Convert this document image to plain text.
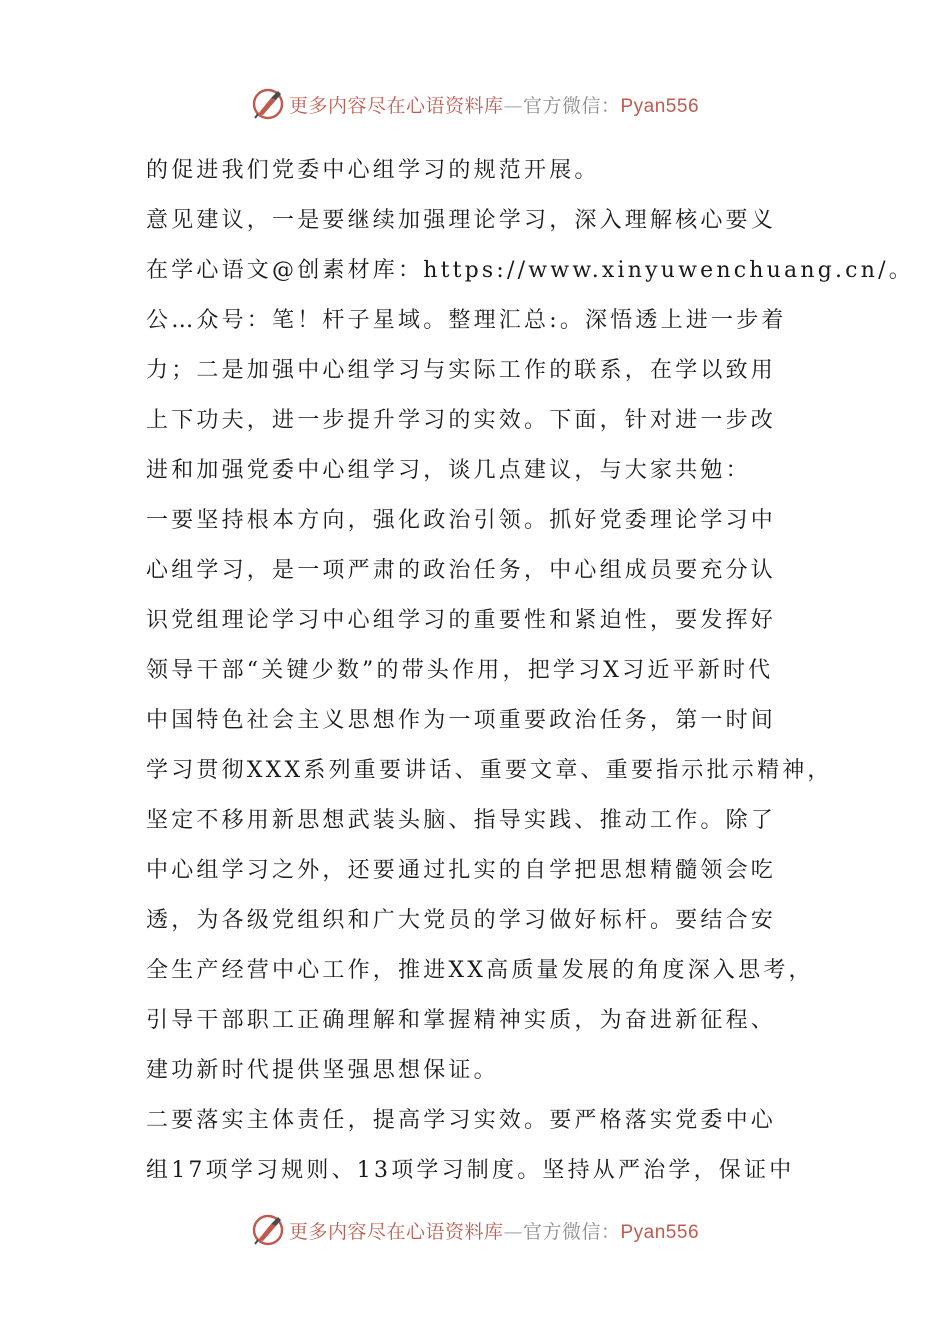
更多内容尽在心语资料库—官方微信：Pyan556
的促进我们党委中心组学习的规范开展。
意见建议，一是要继续加强理论学习，深入理解核心要义
在学心语文@创素材库：https://www.xinyuwenchuang.cn/。
公…众号：笔！杆子星域。整理汇总:。深悟透上进一步着
力；二是加强中心组学习与实际工作的联系，在学以致用
上下功夫，进一步提升学习的实效。下面，针对进一步改
进和加强党委中心组学习，谈几点建议，与大家共勉：
一要坚持根本方向，强化政治引领。抓好党委理论学习中
心组学习，是一项严肃的政治任务，中心组成员要充分认
识党组理论学习中心组学习的重要性和紧迫性，要发挥好
领导干部“关键少数”的带头作用，把学习X习近平新时代
中国特色社会主义思想作为一项重要政治任务，第一时间
学习贯彻XXX系列重要讲话、重要文章、重要指示批示精神，
坚定不移用新思想武装头脑、指导实践、推动工作。除了
中心组学习之外，还要通过扎实的自学把思想精髓领会吃
透，为各级党组织和广大党员的学习做好标杆。要结合安
全生产经营中心工作，推进XX高质量发展的角度深入思考，
引导干部职工正确理解和掌握精神实质，为奋进新征程、
建功新时代提供坚强思想保证。
二要落实主体责任，提高学习实效。要严格落实党委中心
组17项学习规则、13项学习制度。坚持从严治学，保证中
更多内容尽在心语资料库—官方微信：Pyan556
